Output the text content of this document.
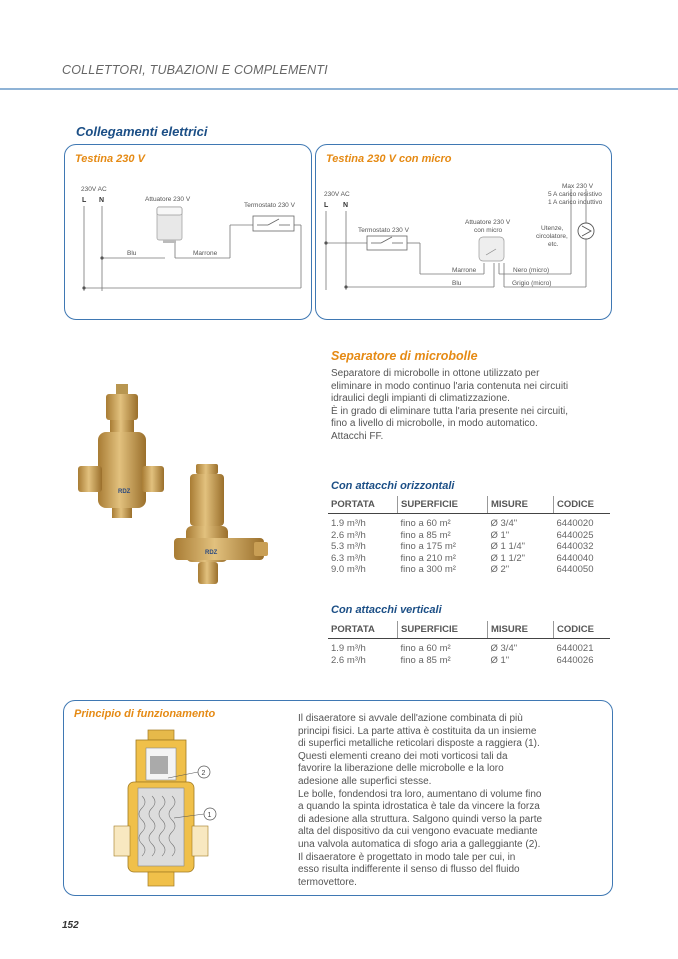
COLLETTORI, TUBAZIONI E COMPLEMENTI
Collegamenti elettrici
Testina 230 V
230V AC
L N	Attuatore 230 V
Termostato 230 V
Blu	Marrone
Testina 230 V con micro
230V AC
L N
Termostato 230 V
Attuatore 230 V
con micro
Max 230 V
5 A carico resistivo
1 A carico induttivo
Utenze,
circolatore,
etc.
Marrone	Nero (micro)
Blu	Grigio (micro)
RDZ
RDZ
Separatore di microbolle
Separatore di microbolle in ottone utilizzato per
eliminare in modo continuo l'aria contenuta nei circuiti
idraulici degli impianti di climatizzazione.
È in grado di eliminare tutta l'aria presente nei circuiti,
fino a livello di microbolle, in modo automatico.
Attacchi FF.
Con attacchi orizzontali
PORTATA	SUPERFICIE	MISURE	CODICE
1.9 m³/h	fino a 60 m²	Ø 3/4"	6440020
2.6 m³/h	fino a 85 m²	Ø 1"	6440025
5.3 m³/h	fino a 175 m²	Ø 1 1/4"	6440032
6.3 m³/h	fino a 210 m²	Ø 1 1/2"	6440040
9.0 m³/h	fino a 300 m²	Ø 2"	6440050
Con attacchi verticali
PORTATA	SUPERFICIE	MISURE	CODICE
1.9 m³/h	fino a 60 m²	Ø 3/4"	6440021
2.6 m³/h	fino a 85 m²	Ø 1"	6440026
Principio di funzionamento
2
1
Il disaeratore si avvale dell'azione combinata di più
principi fisici. La parte attiva è costituita da un insieme
di superfici metalliche reticolari disposte a raggiera (1).
Questi elementi creano dei moti vorticosi tali da
favorire la liberazione delle microbolle e la loro
adesione alle superfici stesse.
Le bolle, fondendosi tra loro, aumentano di volume fino
a quando la spinta idrostatica è tale da vincere la forza
di adesione alla struttura. Salgono quindi verso la parte
alta del dispositivo da cui vengono evacuate mediante
una valvola automatica di sfogo aria a galleggiante (2).
Il disaeratore è progettato in modo tale per cui, in
esso risulta indifferente il senso di flusso del fluido
termovettore.
152
